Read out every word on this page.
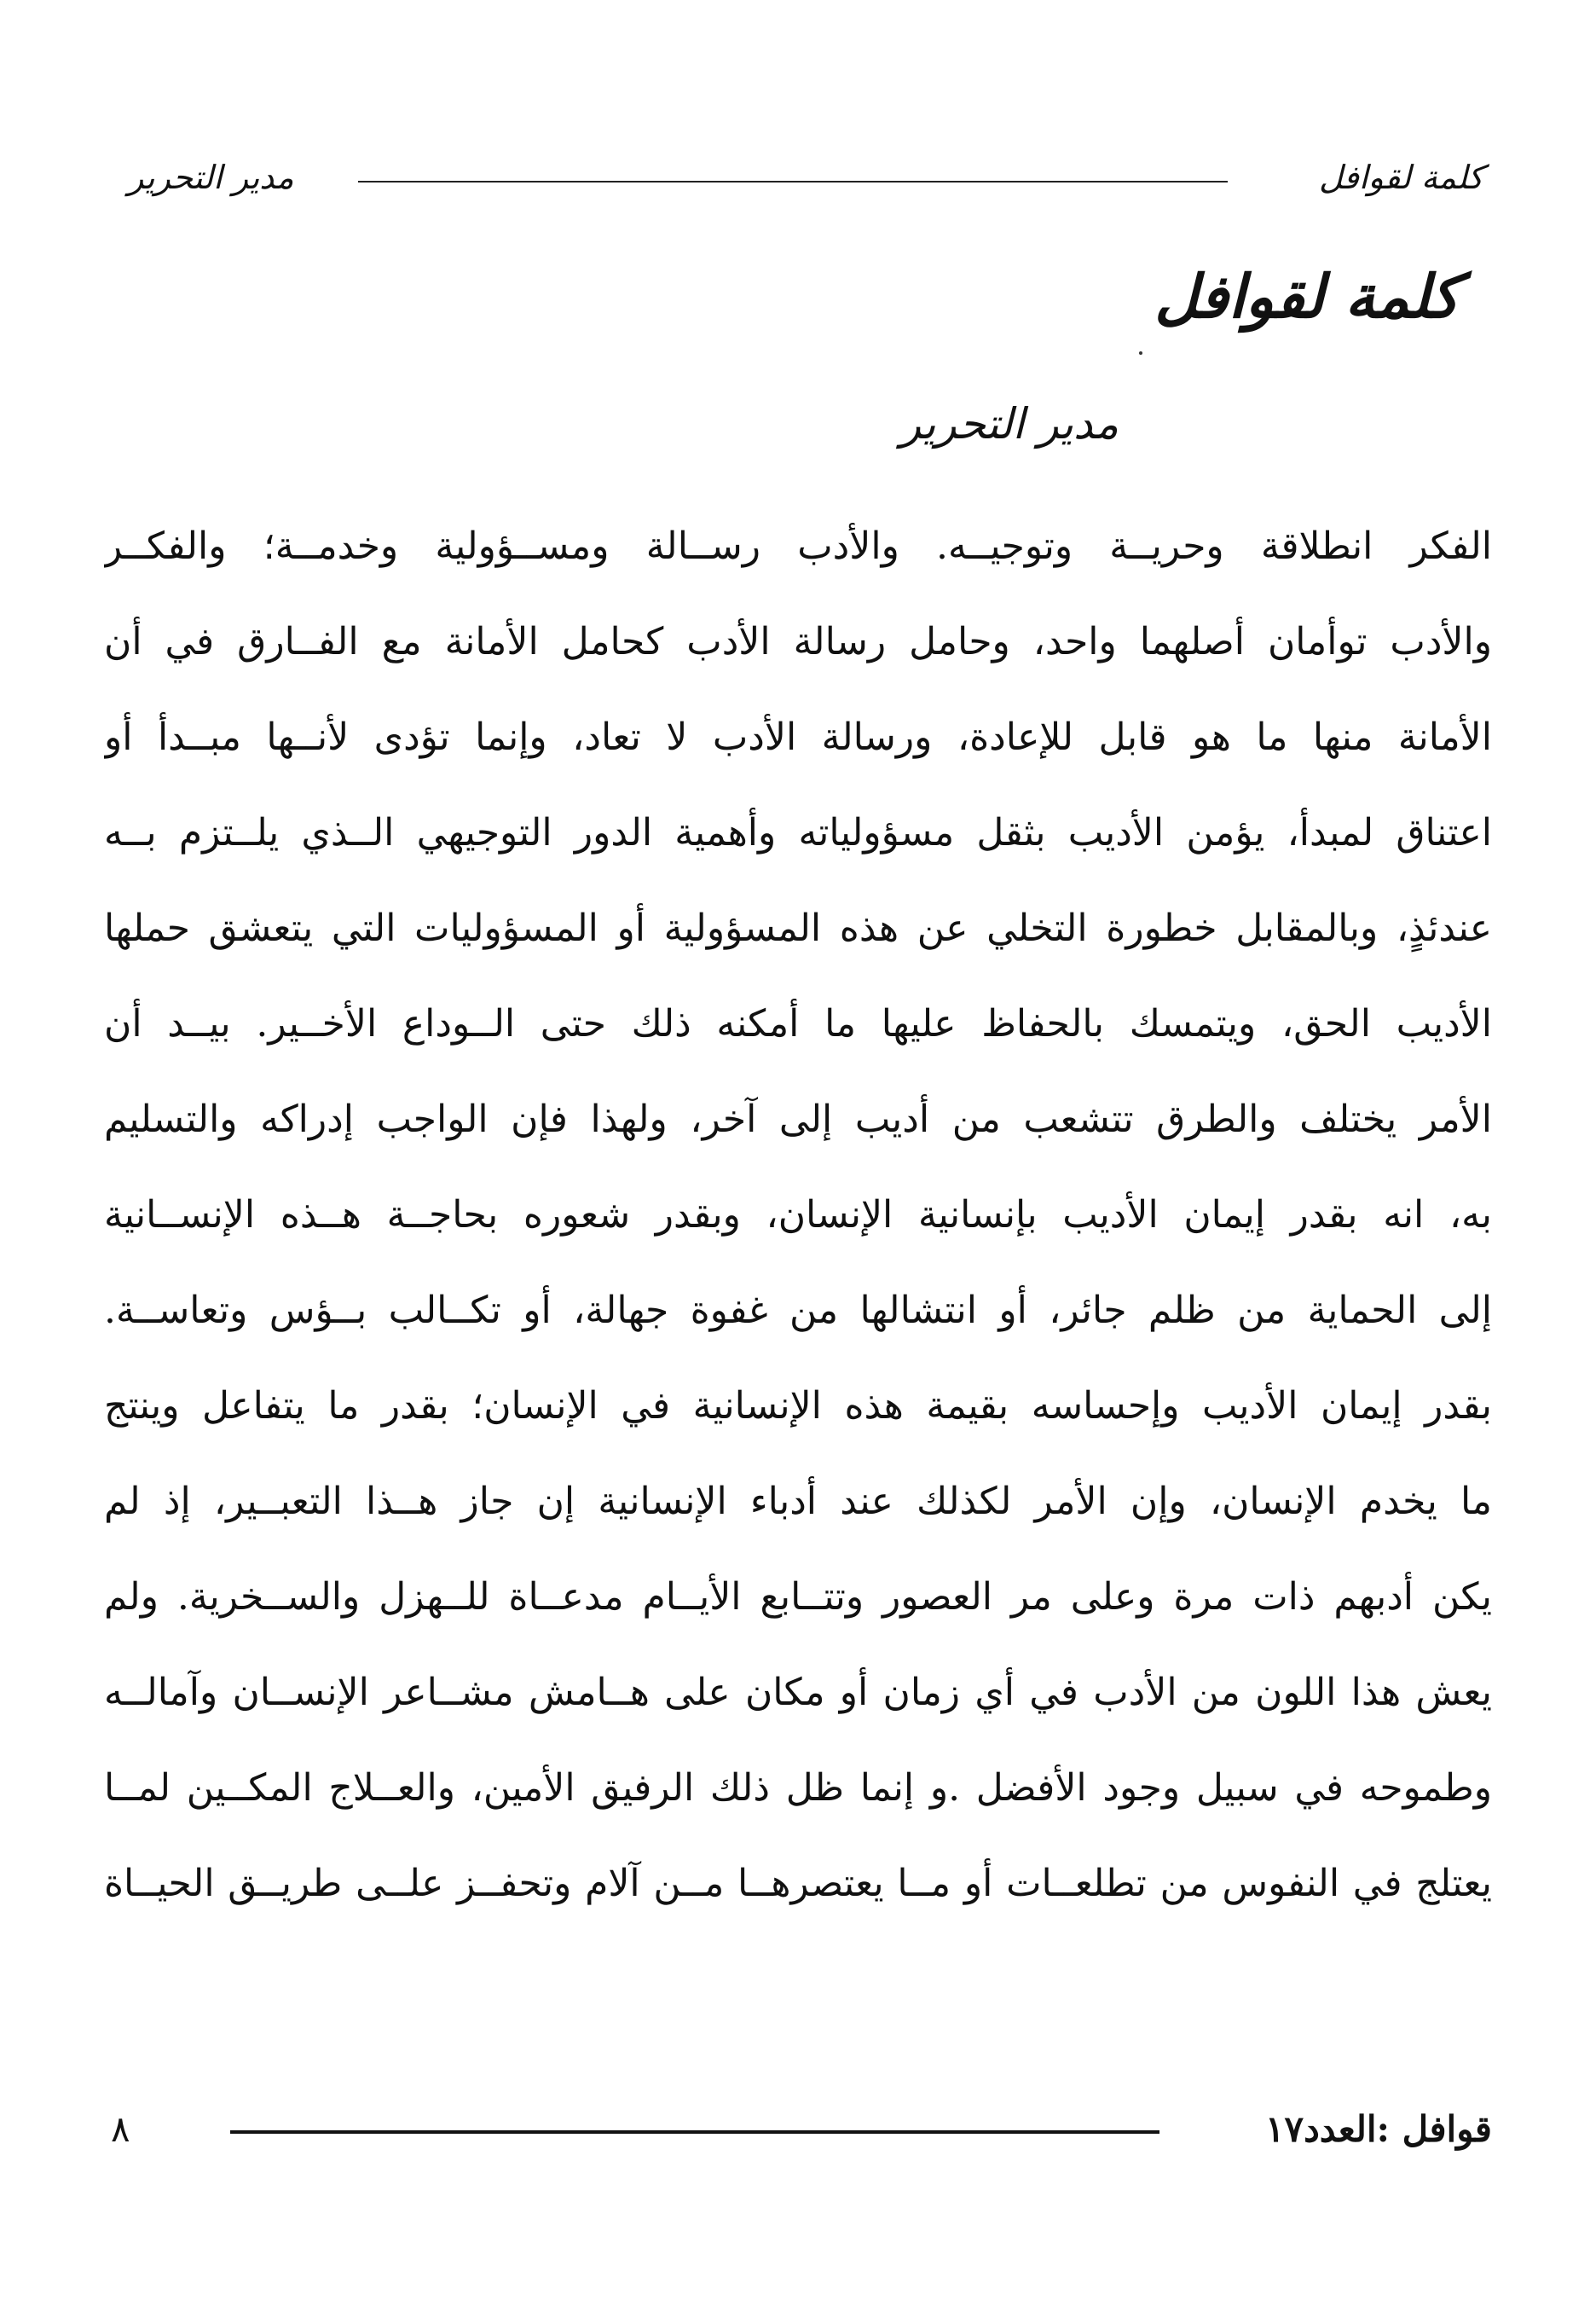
كلمة لقوافل
مدير التحرير
كلمة لقوافل
مدير التحرير
الفكر انطلاقة وحريــة وتوجيــه. والأدب رســالة ومســؤولية وخدمــة؛ والفكــر
والأدب توأمان أصلهما واحد، وحامل رسالة الأدب كحامل الأمانة مع الفــارق في أن
الأمانة منها ما هو قابل للإعادة، ورسالة الأدب لا تعاد، وإنما تؤدى لأنــها مبــدأ أو
اعتناق لمبدأ، يؤمن الأديب بثقل مسؤولياته وأهمية الدور التوجيهي الــذي يلــتزم بــه
عندئذٍ، وبالمقابل خطورة التخلي عن هذه المسؤولية أو المسؤوليات التي يتعشق حملها
الأديب الحق، ويتمسك بالحفاظ عليها ما أمكنه ذلك حتى الــوداع الأخــير. بيــد أن
الأمر يختلف والطرق تتشعب من أديب إلى آخر، ولهذا فإن الواجب إدراكه والتسليم
به، انه بقدر إيمان الأديب بإنسانية الإنسان، وبقدر شعوره بحاجــة هــذه الإنســانية
إلى الحماية من ظلم جائر، أو انتشالها من غفوة جهالة، أو تكــالب بــؤس وتعاســة.
بقدر إيمان الأديب وإحساسه بقيمة هذه الإنسانية في الإنسان؛ بقدر ما يتفاعل وينتج
ما يخدم الإنسان، وإن الأمر لكذلك عند أدباء الإنسانية إن جاز هــذا التعبــير، إذ لم
يكن أدبهم ذات مرة وعلى مر العصور وتتــابع الأيــام مدعــاة للــهزل والســخرية. ولم
يعش هذا اللون من الأدب في أي زمان أو مكان على هــامش مشــاعر الإنســان وآمالــه
وطموحه في سبيل وجود الأفضل .و إنما ظل ذلك الرفيق الأمين، والعــلاج المكــين لمــا
يعتلج في النفوس من تطلعــات أو مــا يعتصرهــا مــن آلام وتحفــز علــى طريــق الحيــاة
قوافل :العدد١٧
٨
